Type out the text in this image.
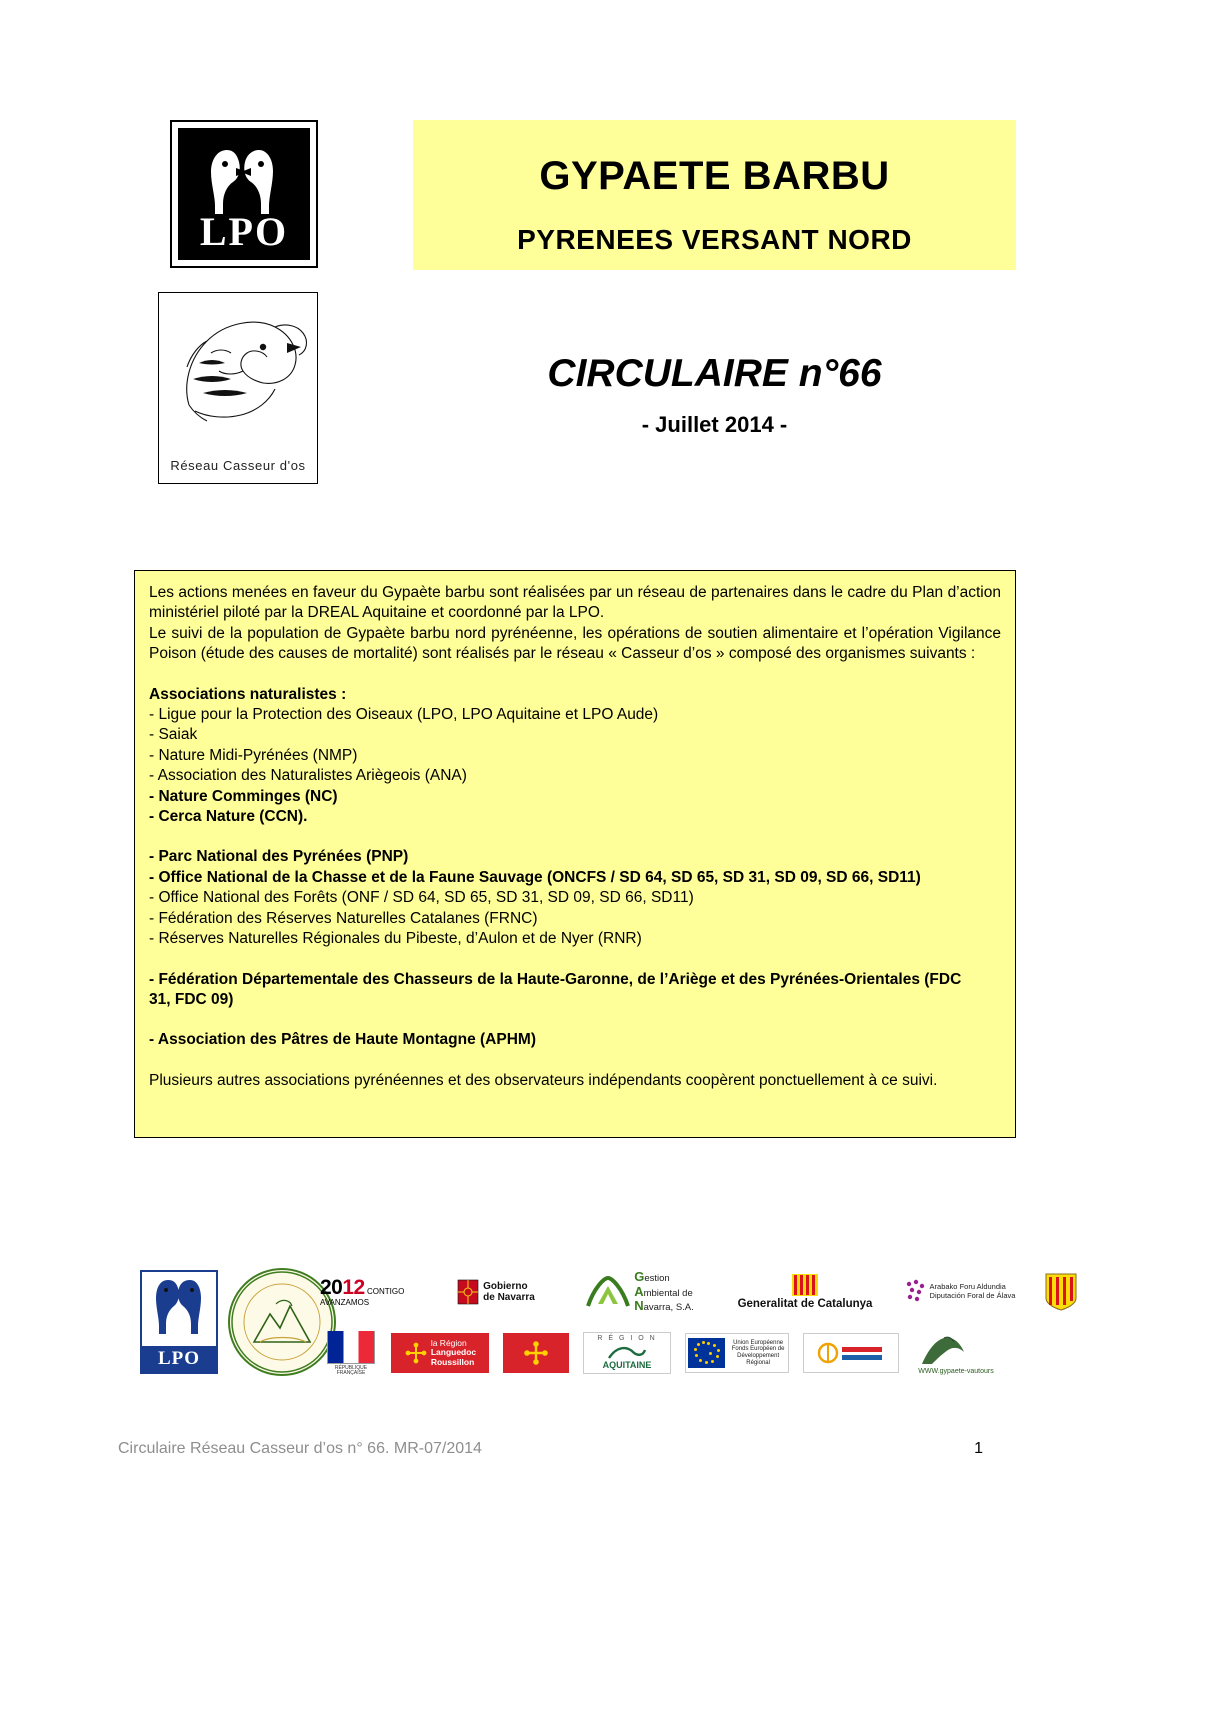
LPO
Réseau Casseur d'os
GYPAETE BARBU
PYRENEES VERSANT NORD
CIRCULAIRE n°66
- Juillet 2014 -

Les actions menées en faveur du Gypaète barbu sont réalisées par un réseau de partenaires dans le cadre du Plan d’action ministériel piloté par la DREAL Aquitaine et coordonné par la LPO.

Le suivi de la population de Gypaète barbu nord pyrénéenne, les opérations de soutien alimentaire et l’opération Vigilance Poison (étude des causes de mortalité) sont réalisés par le réseau « Casseur d’os » composé des organismes suivants :

Associations naturalistes :
- Ligue pour la Protection des Oiseaux (LPO, LPO Aquitaine et LPO Aude)
- Saiak
- Nature Midi-Pyrénées (NMP)
- Association des Naturalistes Ariègeois (ANA)
- Nature Comminges (NC)
- Cerca Nature (CCN).
- Parc National des Pyrénées (PNP)
- Office National de la Chasse et de la Faune Sauvage (ONCFS / SD 64, SD 65, SD 31, SD 09, SD 66, SD11)
- Office National des Forêts (ONF / SD 64, SD 65, SD 31, SD 09, SD 66, SD11)
- Fédération des Réserves Naturelles Catalanes (FRNC)
- Réserves Naturelles Régionales du Pibeste, d’Aulon et de Nyer (RNR)
- Fédération Départementale des Chasseurs de la Haute-Garonne, de l’Ariège et des Pyrénées-Orientales (FDC
31, FDC 09)
- Association des Pâtres de Haute Montagne (APHM)
Plusieurs autres associations pyrénéennes et des observateurs indépendants coopèrent ponctuellement à ce suivi.
LPO
2012 CONTIGO AVANZAMOS
Gobierno
de Navarra
Gestion
Ambiental de
Navarra, S.A.	Generalitat de Catalunya
Arabako Foru Aldundia
Diputación Foral de Álava
RÉPUBLIQUE
FRANÇAISE
la Région
Languedoc
Roussillon
R É G I O N
AQUITAINE
Union Européenne
Fonds Européen de
Développement Régional
WWW.gypaete-vautours
Circulaire Réseau Casseur d’os n° 66. MR-07/2014	1
